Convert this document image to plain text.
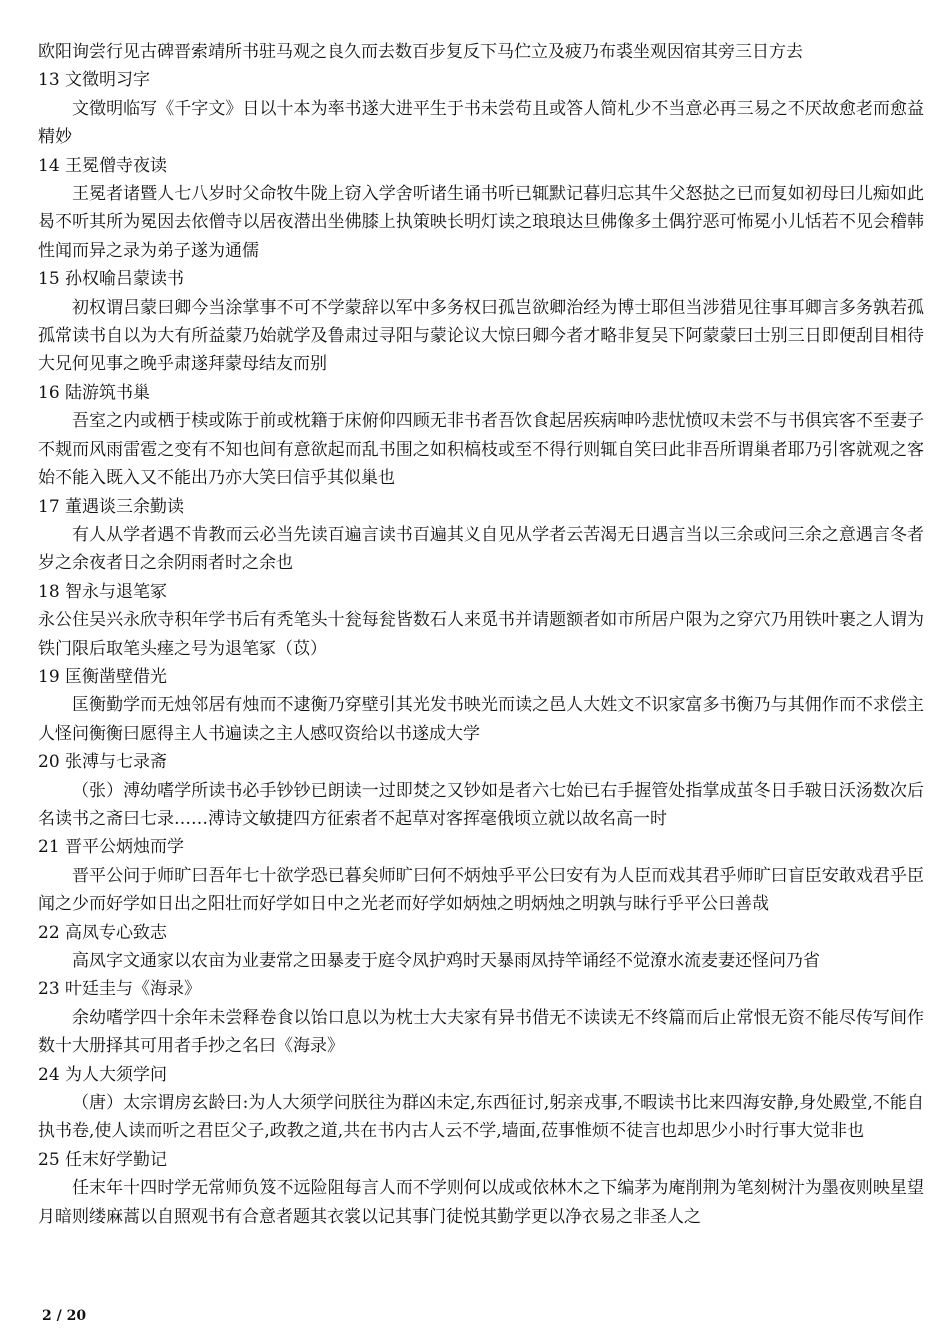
欧阳询尝行见古碑晋索靖所书驻马观之良久而去数百步复反下马伫立及疲乃布裘坐观因宿其旁三日方去

13 文徵明习字

文徵明临写《千字文》日以十本为率书遂大进平生于书未尝苟且或答人简札少不当意必再三易之不厌故愈老而愈益精妙

14 王冕僧寺夜读

王冕者诸暨人七八岁时父命牧牛陇上窃入学舍听诸生诵书听已辄默记暮归忘其牛父怒挞之已而复如初母曰儿痴如此曷不听其所为冕因去依僧寺以居夜潜出坐佛膝上执策映长明灯读之琅琅达旦佛像多土偶狞恶可怖冕小儿恬若不见会稽韩性闻而异之录为弟子遂为通儒

15 孙权喻吕蒙读书

初权谓吕蒙曰卿今当涂掌事不可不学蒙辞以军中多务权曰孤岂欲卿治经为博士耶但当涉猎见往事耳卿言多务孰若孤孤常读书自以为大有所益蒙乃始就学及鲁肃过寻阳与蒙论议大惊曰卿今者才略非复吴下阿蒙蒙曰士别三日即便刮目相待大兄何见事之晚乎肃遂拜蒙母结友而别

16 陆游筑书巢

吾室之内或栖于椟或陈于前或枕籍于床俯仰四顾无非书者吾饮食起居疾病呻吟悲忧愤叹未尝不与书俱宾客不至妻子不觌而风雨雷雹之变有不知也间有意欲起而乱书围之如积槁枝或至不得行则辄自笑曰此非吾所谓巢者耶乃引客就观之客始不能入既入又不能出乃亦大笑曰信乎其似巢也

17 董遇谈三余勤读

有人从学者遇不肯教而云必当先读百遍言读书百遍其义自见从学者云苦渴无日遇言当以三余或问三余之意遇言冬者岁之余夜者日之余阴雨者时之余也

18 智永与退笔冢

永公住吴兴永欣寺积年学书后有秃笔头十瓮每瓮皆数石人来觅书并请题额者如市所居户限为之穿穴乃用铁叶裹之人谓为铁门限后取笔头瘗之号为退笔冢（苡）

19 匡衡凿壁借光

匡衡勤学而无烛邻居有烛而不逮衡乃穿壁引其光发书映光而读之邑人大姓文不识家富多书衡乃与其佣作而不求偿主人怪问衡衡曰愿得主人书遍读之主人感叹资给以书遂成大学

20 张溥与七录斋

（张）溥幼嗜学所读书必手钞钞已朗读一过即焚之又钞如是者六七始已右手握管处指掌成茧冬日手皲日沃汤数次后名读书之斋曰七录……溥诗文敏捷四方征索者不起草对客挥毫俄顷立就以故名高一时

21 晋平公炳烛而学

晋平公问于师旷曰吾年七十欲学恐已暮矣师旷曰何不炳烛乎平公曰安有为人臣而戏其君乎师旷曰盲臣安敢戏君乎臣闻之少而好学如日出之阳壮而好学如日中之光老而好学如炳烛之明炳烛之明孰与昧行乎平公曰善哉

22 高凤专心致志

高凤字文通家以农亩为业妻常之田暴麦于庭令凤护鸡时天暴雨凤持竿诵经不觉潦水流麦妻还怪问乃省

23 叶廷圭与《海录》

余幼嗜学四十余年未尝释卷食以饴口息以为枕士大夫家有异书借无不读读无不终篇而后止常恨无资不能尽传写间作数十大册择其可用者手抄之名曰《海录》

24 为人大须学问

（唐）太宗谓房玄龄曰:为人大须学问朕往为群凶未定,东西征讨,躬亲戎事,不暇读书比来四海安静,身处殿堂,不能自执书卷,使人读而听之君臣父子,政教之道,共在书内古人云不学,墙面,莅事惟烦不徒言也却思少小时行事大觉非也

25 任末好学勤记

任末年十四时学无常师负笈不远险阻每言人而不学则何以成或依林木之下编茅为庵削荆为笔刻树汁为墨夜则映星望月暗则缕麻蒿以自照观书有合意者题其衣裳以记其事门徒悦其勤学更以净衣易之非圣人之

2 / 20
